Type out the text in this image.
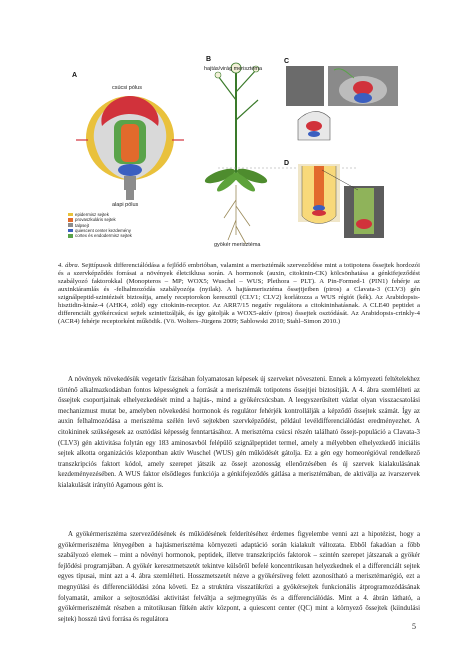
A
B	C
D
hajtás/virág merisztéma
gyökér merisztéma
csúcsi pólus
alapi pólus
epidermisz sejtek
provaszkuláris sejtek
talpsejt
quiescent center kezdemény
cortex és endodermisz sejtek
4. ábra. Sejttípusok differenciálódása a fejlődő embrióban, valamint a merisztémák szerveződése mint a totipotens őssejtek hordozói és a szervképződés forrásai a növények életciklusa során. A hormonok (auxin, citokinin-CK) kölcsönhatása a génkifejeződést szabályozó faktorokkal (Monopteros – MP; WOX5; Wuschel – WUS; Plethora – PLT). A Pin-Formed-1 (PIN1) fehérje az auxinkiáramlás és -felhalmozódás szabályozója (nyilak). A hajtásmerisztéma őssejtjeiben (piros) a Clavata-3 (CLV3) gén szignálpeptid-szintézisét biztosítja, amely receptorokon keresztül (CLV1; CLV2) korlátozza a WUS régiót (kék). Az Arabidopsis-hisztidin-kináz-4 (AHK4, zöld) egy citokinin-receptor. Az ARR7/15 negatív regulátora a citokininhatásnak. A CLE40 peptidet a differenciált gyökércsúcsi sejtek szintetizálják, és így gátolják a WOX5-aktív (piros) őssejtek osztódását. Az Arabidopsis-crinkly-4 (ACR4) fehérje receptorként működik. (Vö. Wolters–Jürgens 2009; Sablowski 2010; Stahl–Simon 2010.)
A növények növekedésük vegetatív fázisában folyamatosan képesek új szerveket növeszteni. Ennek a környezeti feltételekhez történő alkalmazkodásban fontos képességnek a forrását a merisztémák totipotens őssejtjei biztosítják. A 4. ábra szemlélteti az őssejtek csoportjainak elhelyezkedését mind a hajtás-, mind a gyökércsúcsban. A leegyszerűsített vázlat olyan visszacsatolási mechanizmust mutat be, amelyben növekedési hormonok és regulátor fehérjék kontrollálják a képződő őssejtek számát. Így az auxin felhalmozódása a merisztéma szélén levő sejtekben szervképződést, például levéldifferenciálódást eredményezhet. A citokininek szükségesek az osztódási képesség fenntartásához. A merisztéma csúcsi részén található őssejt-populáció a Clavata-3 (CLV3) gén aktivitása folytán egy 183 aminosavból felépülő szignálpeptidet termel, amely a mélyebben elhelyezkedő iniciális sejtek alkotta organizációs központban aktív Wuschel (WUS) gén működését gátolja. Ez a gén egy homeorégióval rendelkező transzkripciós faktort kódol, amely szerepet játszik az őssejt azonosság ellenőrzésében és új szervek kialakulásának kezdeményezésében. A WUS faktor elsődleges funkciója a génkifejeződés gátlása a merisztémában, de aktiválja az ivarszervek kialakulását irányító Agamous gént is.
A gyökérmerisztéma szerveződésének és működésének felderítéséhez érdemes figyelembe venni azt a hipotézist, hogy a gyökérmerisztéma lényegében a hajtásmerisztéma környezeti adaptáció során kialakult változata. Ebből fakadóan a főbb szabályozó elemek – mint a növényi hormonok, peptidek, illetve transzkripciós faktorok – szintén szerepet játszanak a gyökér fejlődési programjában. A gyökér keresztmetszetét tekintve külsőről befelé koncentrikusan helyezkednek el a differenciált sejtek egyes típusai, mint azt a 4. ábra szemlélteti. Hosszmetszetét nézve a gyökérsüveg felett azonosítható a merisztémarégió, ezt a megnyúlási és differenciálódási zóna követi. Ez a struktúra visszatükrözi a gyökérsejtek funkcionális átprogramozódásának folyamatát, amikor a sejtosztódási aktivitást felváltja a sejtmegnyúlás és a differenciálódás. Mint a 4. ábrán látható, a gyökérmerisztémát részben a mitotikusan fűtkén aktív központ, a quiescent center (QC) mint a környező őssejtek (kiindulási sejtek) hosszú távú forrása és regulátora
5
